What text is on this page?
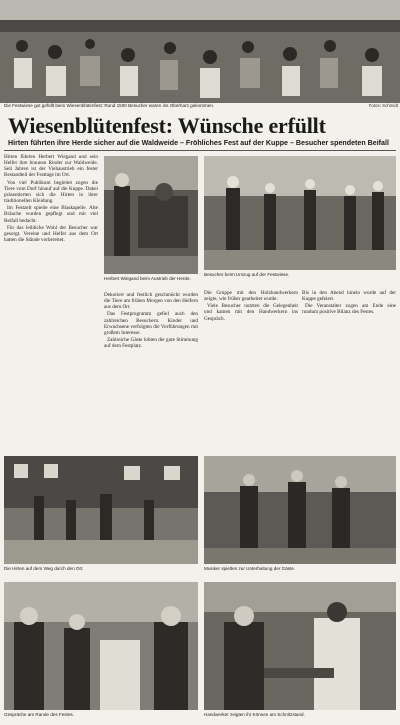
Die Festwiese gut gefüllt beim Wiesenblütenfest: Rund 1500 Besucher waren ins Oberharz gekommen.	Fotos: Schmidt
Wiesenblütenfest: Wünsche erfüllt
Hirten führten ihre Herde sicher auf die Waldweide – Fröhliches Fest auf der Kuppe – Besucher spendeten Beifall

Hirten führten Herbert Wiegand und sein Helfer ihre braunen Rinder zur Waldweide. Seit Jahren ist der Viehaustrieb ein fester Bestandteil der Festtage im Ort.

Von viel Publikum begleitet zogen die Tiere vom Dorf hinauf auf die Kuppe. Dabei präsentierten sich die Hirten in ihrer traditionellen Kleidung.

Im Festzelt spielte eine Blaskapelle. Alte Bräuche wurden gepflegt und mit viel Beifall bedacht.

Für das leibliche Wohl der Besucher war gesorgt. Vereine und Helfer aus dem Ort hatten die Stände vorbereitet.

Herbert Wiegand beim Austrieb der Herde.
Besucher beim Umzug auf der Festwiese.

Dekoriert und festlich geschmückt wurden die Tiere am frühen Morgen von den Helfern aus dem Ort.

Das Festprogramm gefiel auch den zahlreichen Besuchern. Kinder und Erwachsene verfolgten die Vorführungen mit großem Interesse.

Zahlreiche Gäste lobten die gute Stimmung auf dem Festplatz.

Die Gruppe mit den Holzhandwerkern zeigte, wie früher gearbeitet wurde.

Viele Besucher nutzten die Gelegenheit und kamen mit den Handwerkern ins Gespräch.

Bis in den Abend hinein wurde auf der Kuppe gefeiert.

Die Veranstalter zogen am Ende eine rundum positive Bilanz des Festes.

Die Hirten auf dem Weg durch den Ort.	Musiker spielten zur Unterhaltung der Gäste.
Gespräche am Rande des Festes.	Handwerker zeigten ihr Können am Schnitzstand.
